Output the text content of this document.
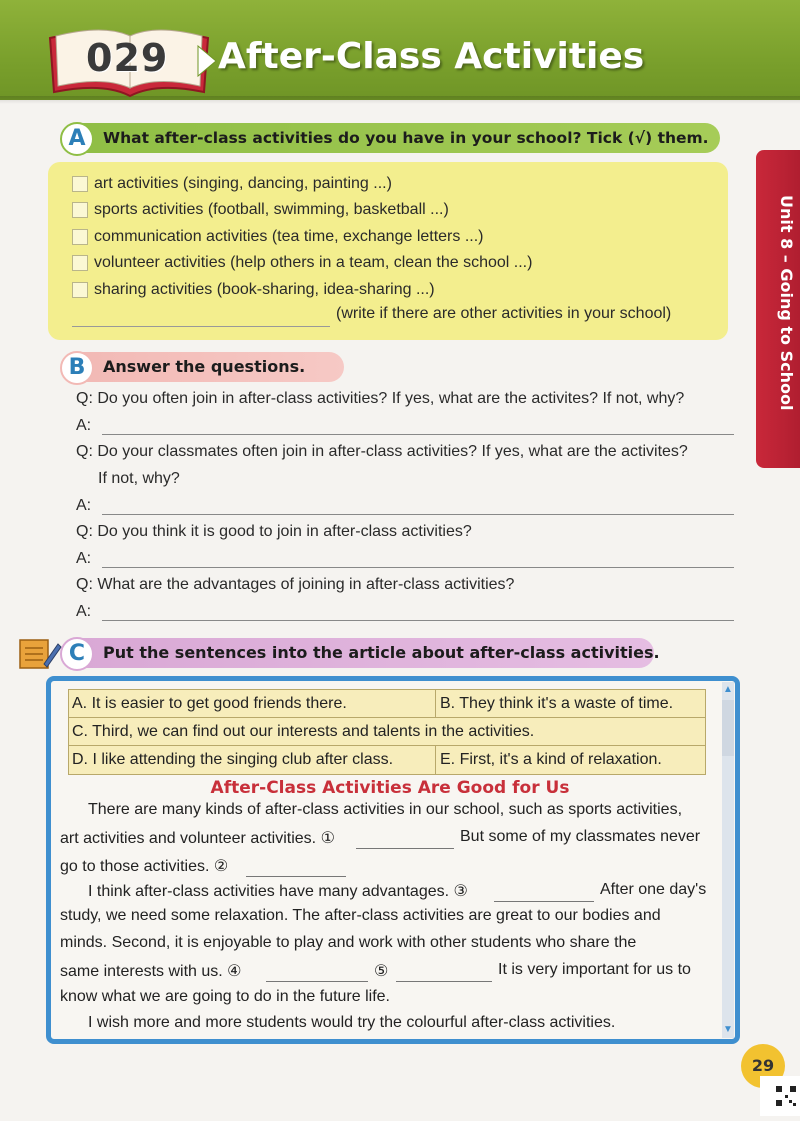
029 After-Class Activities
Unit 8 – Going to School
A	What after-class activities do you have in your school? Tick (√) them.
art activities (singing, dancing, painting ...)
sports activities (football, swimming, basketball ...)
communication activities (tea time, exchange letters ...)
volunteer activities (help others in a team, clean the school ...)
sharing activities (book-sharing, idea-sharing ...)
(write if there are other activities in your school)
B	Answer the questions.
Q: Do you often join in after-class activities? If yes, what are the activites? If not, why?
A:
Q: Do your classmates often join in after-class activities? If yes, what are the activites?
If not, why?
A:
Q: Do you think it is good to join in after-class activities?
A:
Q: What are the advantages of joining in after-class activities?
A:
C	Put the sentences into the article about after-class activities.
▲
▼
A. It is easier to get good friends there.	B. They think it's a waste of time.
C. Third, we can find out our interests and talents in the activities.
D. I like attending the singing club after class.	E. First, it's a kind of relaxation.
After-Class Activities Are Good for Us
There are many kinds of after-class activities in our school, such as sports activities,
art activities and volunteer activities. ①	But some of my classmates never
go to those activities. ②
I think after-class activities have many advantages. ③	After one day's
study, we need some relaxation. The after-class activities are great to our bodies and
minds. Second, it is enjoyable to play and work with other students who share the
same interests with us. ④	⑤	It is very important for us to
know what we are going to do in the future life.
I wish more and more students would try the colourful after-class activities.
29
